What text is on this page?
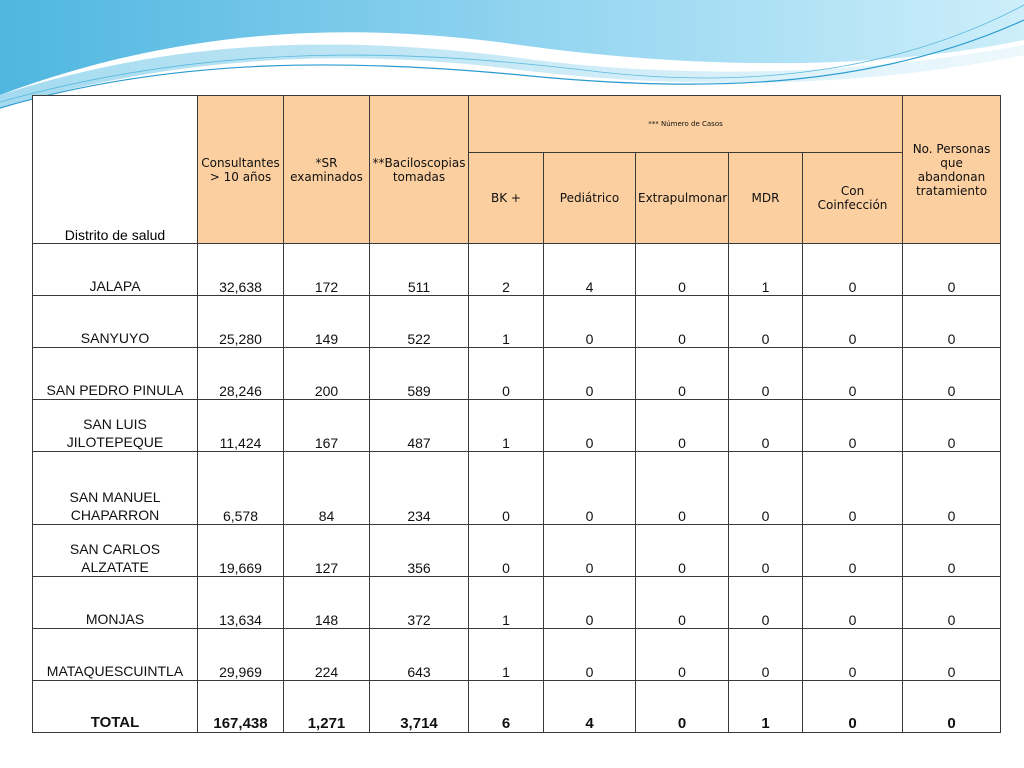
Distrito de salud	Consultantes > 10 años	*SR examinados	**Baciloscopias tomadas	*** Número de Casos					No. Personas que abandonan tratamiento
				BK +	Pediátrico	Extrapulmonar	MDR	Con Coinfección	
JALAPA	32,638	172	511	2	4	0	1	0	0
SANYUYO	25,280	149	522	1	0	0	0	0	0
SAN PEDRO PINULA	28,246	200	589	0	0	0	0	0	0
SAN LUIS JILOTEPEQUE	11,424	167	487	1	0	0	0	0	0
SAN MANUEL CHAPARRON	6,578	84	234	0	0	0	0	0	0
SAN CARLOS ALZATATE	19,669	127	356	0	0	0	0	0	0
MONJAS	13,634	148	372	1	0	0	0	0	0
MATAQUESCUINTLA	29,969	224	643	1	0	0	0	0	0
TOTAL	167,438	1,271	3,714	6	4	0	1	0	0
